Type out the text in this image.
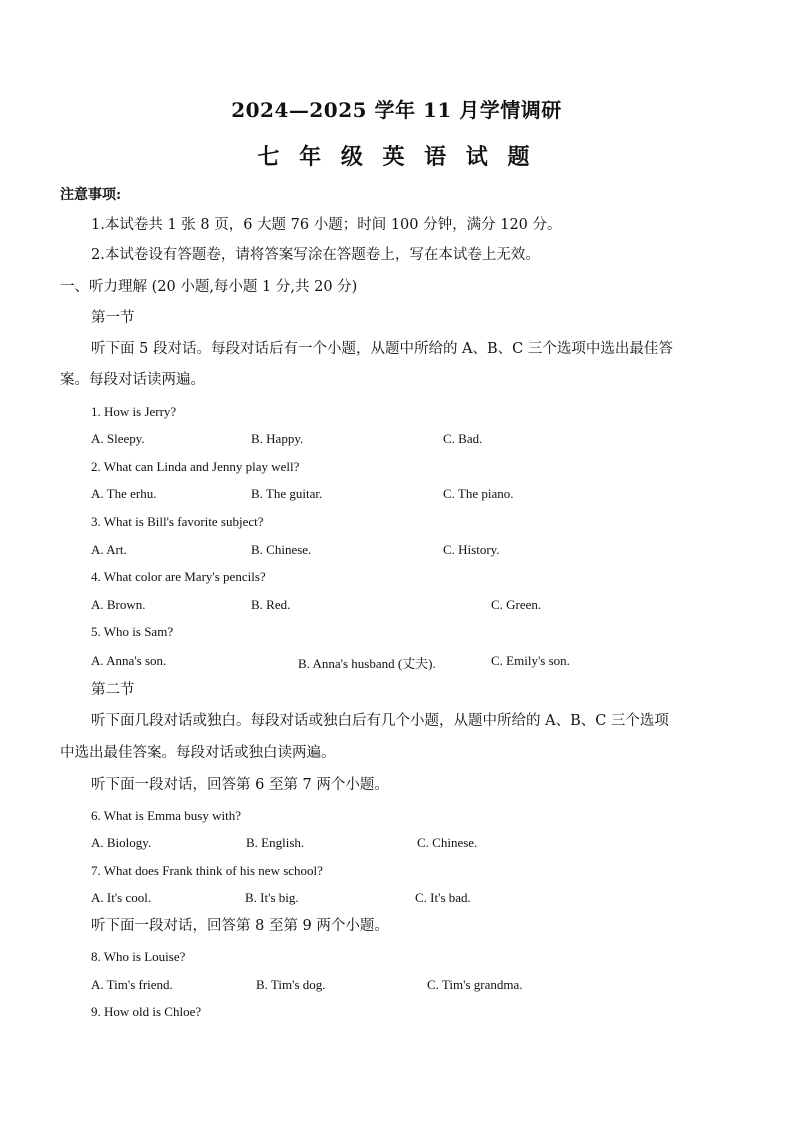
2024—2025 学年 11 月学情调研
七 年 级 英 语 试 题
注意事项:
1.本试卷共 1 张 8 页，6 大题 76 小题；时间 100 分钟，满分 120 分。
2.本试卷设有答题卷，请将答案写涂在答题卷上，写在本试卷上无效。
一、听力理解 (20 小题,每小题 1 分,共 20 分)
第一节
听下面 5 段对话。每段对话后有一个小题，从题中所给的 A、B、C 三个选项中选出最佳答
案。每段对话读两遍。
1. How is Jerry?
A. Sleepy.	B. Happy.	C. Bad.
2. What can Linda and Jenny play well?
A. The erhu.	B. The guitar.	C. The piano.
3. What is Bill's favorite subject?
A. Art.	B. Chinese.	C. History.
4. What color are Mary's pencils?
A. Brown.	B. Red.	C. Green.
5. Who is Sam?
A. Anna's son.	B. Anna's husband (丈夫).	C. Emily's son.
第二节
听下面几段对话或独白。每段对话或独白后有几个小题，从题中所给的 A、B、C 三个选项
中选出最佳答案。每段对话或独白读两遍。
听下面一段对话，回答第 6 至第 7 两个小题。
6. What is Emma busy with?
A. Biology.	B. English.	C. Chinese.
7. What does Frank think of his new school?
A. It's cool.	B. It's big.	C. It's bad.
听下面一段对话，回答第 8 至第 9 两个小题。
8. Who is Louise?
A. Tim's friend.	B. Tim's dog.	C. Tim's grandma.
9. How old is Chloe?
